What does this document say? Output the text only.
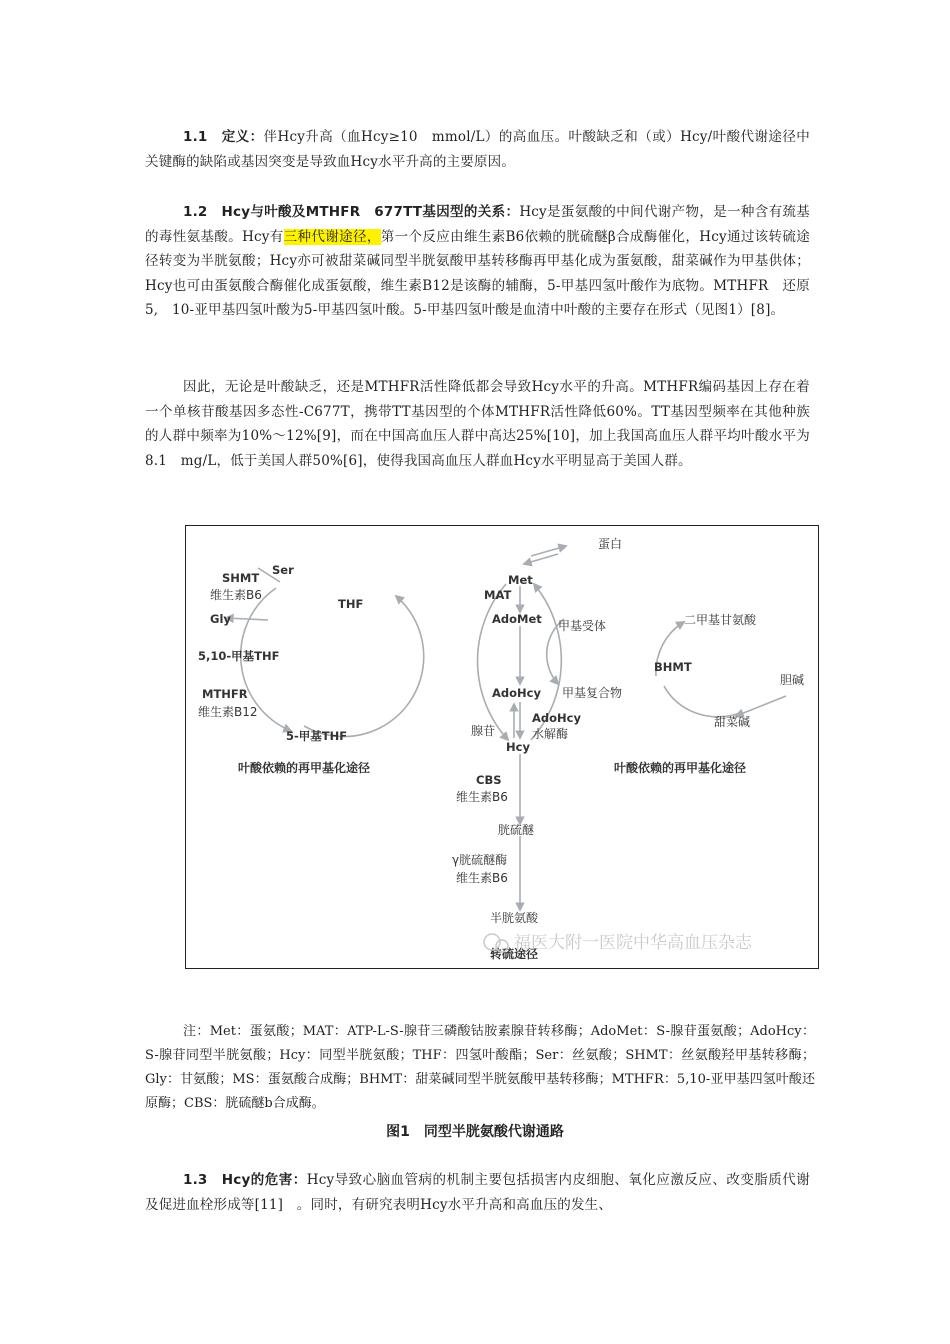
1.1　 定义：伴Hcy升高（血Hcy≥10　mmol/L）的高血压。叶酸缺乏和（或）Hcy/叶酸代谢途径中关键酶的缺陷或基因突变是导致血Hcy水平升高的主要原因。
1.2　 Hcy与叶酸及MTHFR　677TT基因型的关系：Hcy是蛋氨酸的中间代谢产物，是一种含有巯基的毒性氨基酸。Hcy有三种代谢途径，第一个反应由维生素B6依赖的胱硫醚β合成酶催化，Hcy通过该转硫途径转变为半胱氨酸；Hcy亦可被甜菜碱同型半胱氨酸甲基转移酶再甲基化成为蛋氨酸，甜菜碱作为甲基供体；Hcy也可由蛋氨酸合酶催化成蛋氨酸，维生素B12是该酶的辅酶，5-甲基四氢叶酸作为底物。MTHFR　还原5,　10-亚甲基四氢叶酸为5-甲基四氢叶酸。5-甲基四氢叶酸是血清中叶酸的主要存在形式（见图1）[8]。
因此，无论是叶酸缺乏，还是MTHFR活性降低都会导致Hcy水平的升高。MTHFR编码基因上存在着一个单核苷酸基因多态性-C677T，携带TT基因型的个体MTHFR活性降低60%。TT基因型频率在其他种族的人群中频率为10%～12%[9]，而在中国高血压人群中高达25%[10]，加上我国高血压人群平均叶酸水平为8.1　mg/L，低于美国人群50%[6]，使得我国高血压人群血Hcy水平明显高于美国人群。
蛋白
Met
MAT
AdoMet 甲基受体
AdoHcy 甲基复合物
腺苷
AdoHcy
水解酶
Hcy
Ser
SHMT
维生素B6
Gly
THF
5,10-甲基THF
MTHFR
维生素B12
5-甲基THF
叶酸依赖的再甲基化途径
二甲基甘氨酸
BHMT
胆碱
甜菜碱
叶酸依赖的再甲基化途径
CBS
维生素B6
胱硫醚
γ胱硫醚酶
维生素B6
半胱氨酸
转硫途径
福医大附一医院中华高血压杂志
注：Met：蛋氨酸；MAT：ATP-L-S-腺苷三磷酸钴胺素腺苷转移酶；AdoMet：S-腺苷蛋氨酸；AdoHcy：S-腺苷同型半胱氨酸；Hcy：同型半胱氨酸；THF：四氢叶酸酯；Ser：丝氨酸；SHMT：丝氨酸羟甲基转移酶；Gly：甘氨酸；MS：蛋氨酸合成酶；BHMT：甜菜碱同型半胱氨酸甲基转移酶；MTHFR：5,10-亚甲基四氢叶酸还原酶；CBS：胱硫醚b合成酶。
图1　同型半胱氨酸代谢通路
1.3　 Hcy的危害：Hcy导致心脑血管病的机制主要包括损害内皮细胞、氧化应激反应、改变脂质代谢及促进血栓形成等[11]　。同时，有研究表明Hcy水平升高和高血压的发生、
